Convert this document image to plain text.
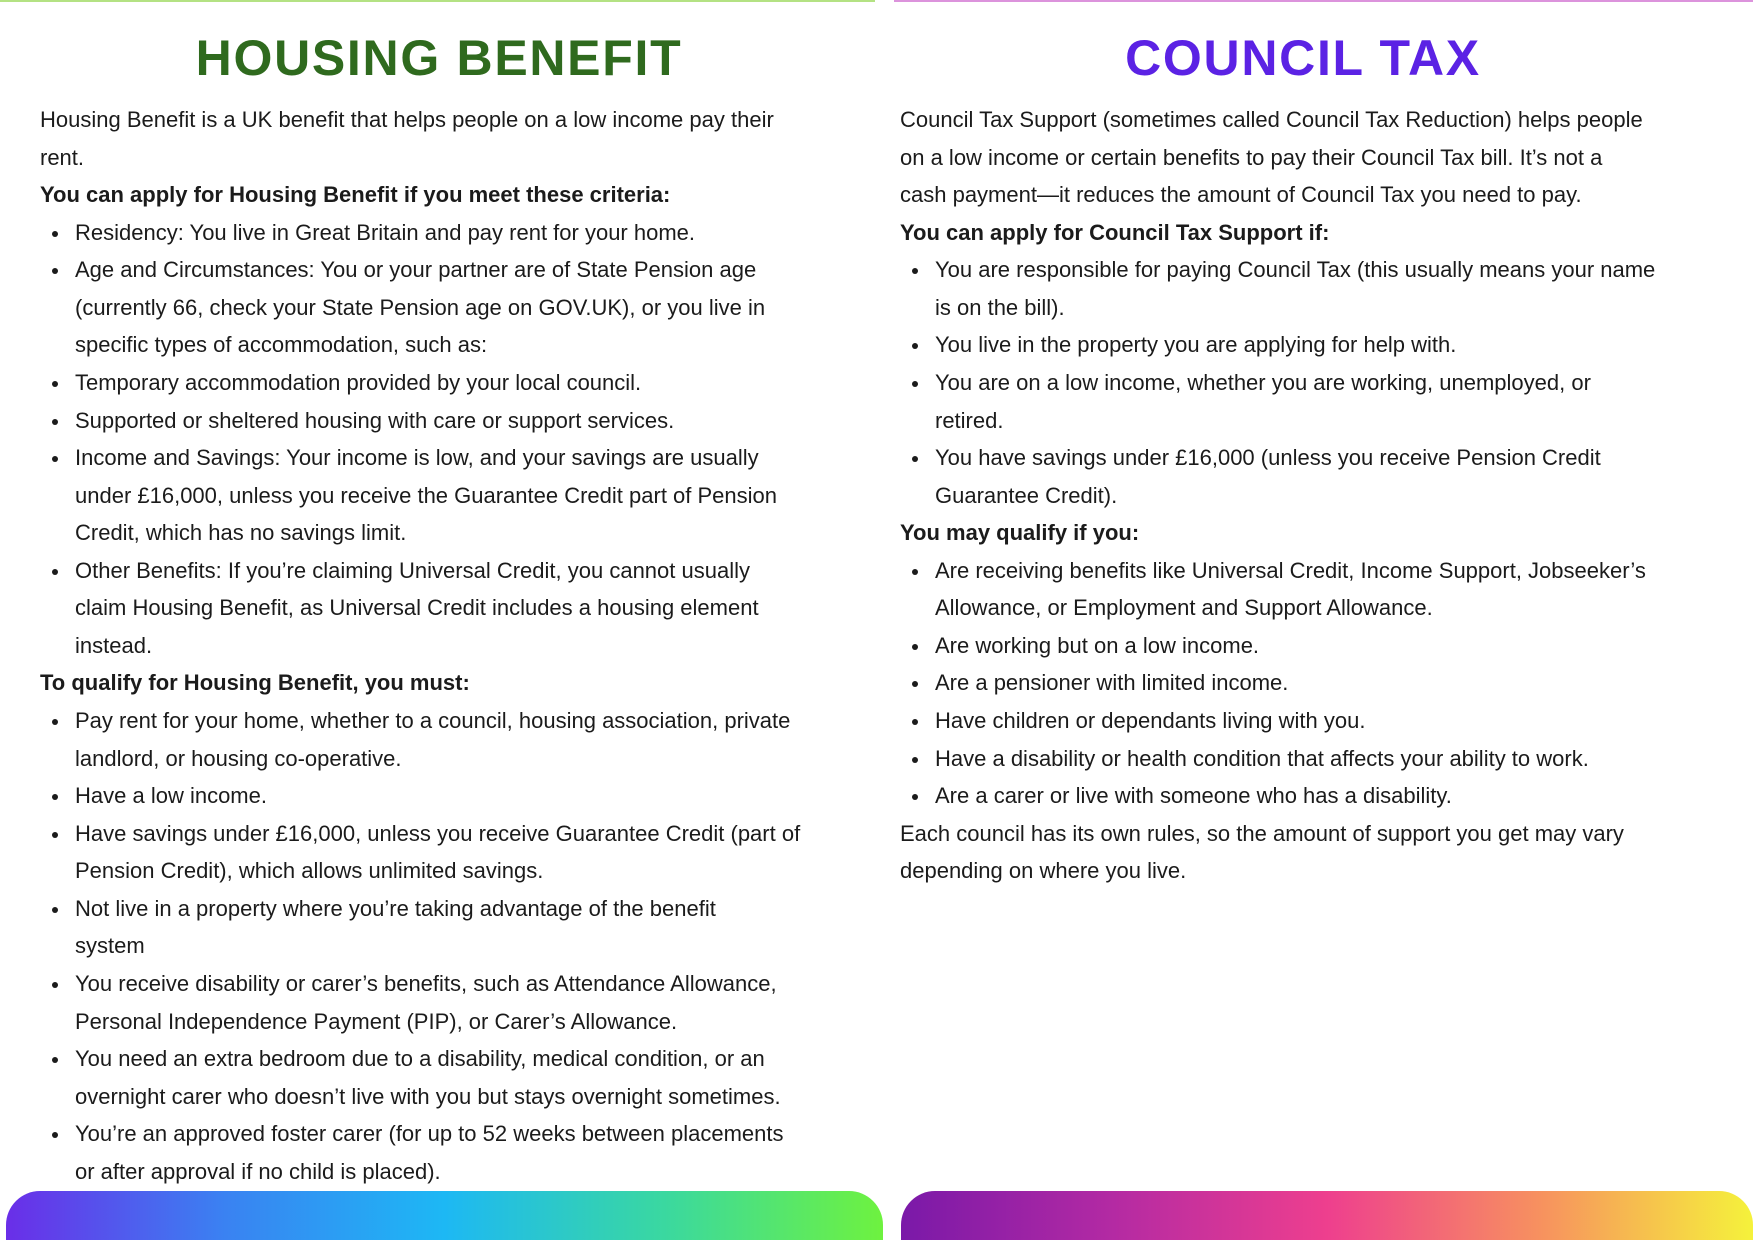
HOUSING BENEFIT	COUNCIL TAX

Housing Benefit is a UK benefit that helps people on a low income pay their
rent.

You can apply for Housing Benefit if you meet these criteria:

Residency: You live in Great Britain and pay rent for your home.
Age and Circumstances: You or your partner are of State Pension age
(currently 66, check your State Pension age on GOV.UK), or you live in
specific types of accommodation, such as:
Temporary accommodation provided by your local council.
Supported or sheltered housing with care or support services.
Income and Savings: Your income is low, and your savings are usually
under £16,000, unless you receive the Guarantee Credit part of Pension
Credit, which has no savings limit.
Other Benefits: If you’re claiming Universal Credit, you cannot usually
claim Housing Benefit, as Universal Credit includes a housing element
instead.

To qualify for Housing Benefit, you must:

Pay rent for your home, whether to a council, housing association, private
landlord, or housing co-operative.
Have a low income.
Have savings under £16,000, unless you receive Guarantee Credit (part of
Pension Credit), which allows unlimited savings.
Not live in a property where you’re taking advantage of the benefit
system
You receive disability or carer’s benefits, such as Attendance Allowance,
Personal Independence Payment (PIP), or Carer’s Allowance.
You need an extra bedroom due to a disability, medical condition, or an
overnight carer who doesn’t live with you but stays overnight sometimes.
You’re an approved foster carer (for up to 52 weeks between placements
or after approval if no child is placed).

Council Tax Support (sometimes called Council Tax Reduction) helps people
on a low income or certain benefits to pay their Council Tax bill. It’s not a
cash payment—it reduces the amount of Council Tax you need to pay.

You can apply for Council Tax Support if:

You are responsible for paying Council Tax (this usually means your name
is on the bill).
You live in the property you are applying for help with.
You are on a low income, whether you are working, unemployed, or
retired.
You have savings under £16,000 (unless you receive Pension Credit
Guarantee Credit).

You may qualify if you:

Are receiving benefits like Universal Credit, Income Support, Jobseeker’s
Allowance, or Employment and Support Allowance.
Are working but on a low income.
Are a pensioner with limited income.
Have children or dependants living with you.
Have a disability or health condition that affects your ability to work.
Are a carer or live with someone who has a disability.

Each council has its own rules, so the amount of support you get may vary
depending on where you live.
